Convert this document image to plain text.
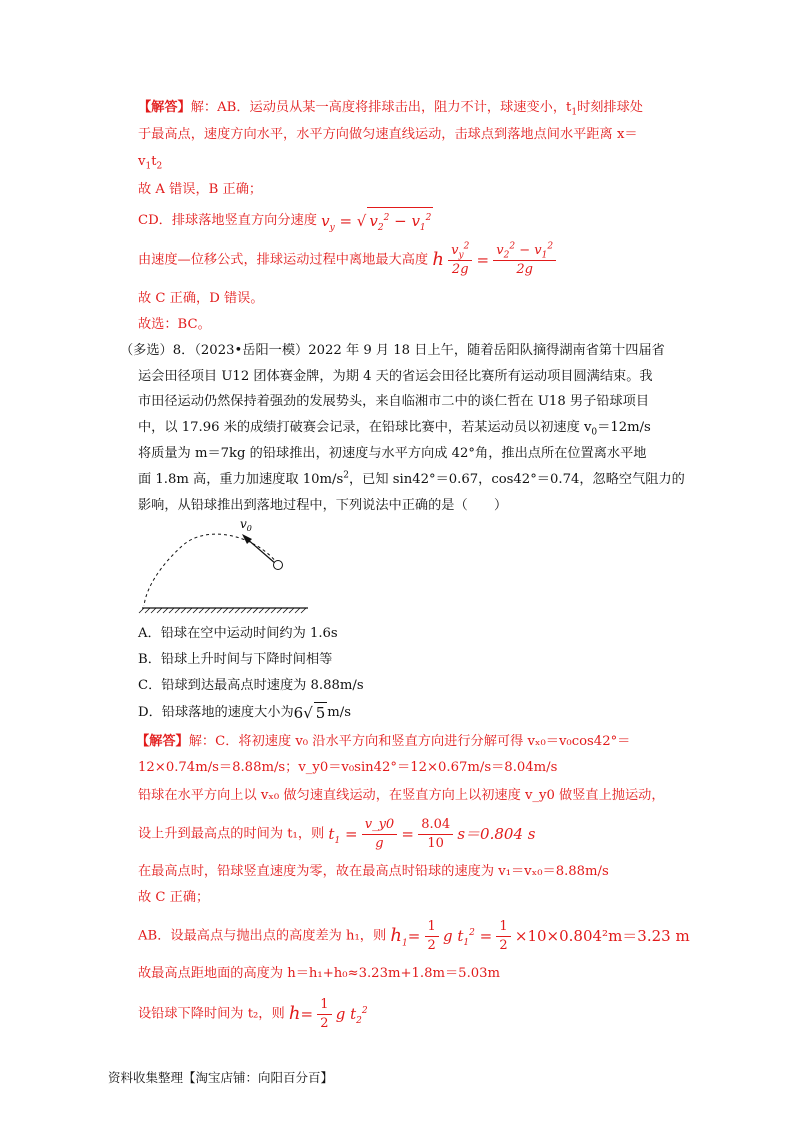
【解答】解：AB．运动员从某一高度将排球击出，阻力不计，球速变小，$t_1$时刻排球处
于最高点，速度方向水平，水平方向做匀速直线运动，击球点到落地点间水平距离 x＝
$v_1t_2$
故 A 错误，B 正确；
CD．排球落地竖直方向分速度 $v_y$ = √ $v_2^2 - v_1^2$
由速度—位移公式，排球运动过程中离地最大高度 h $\frac{v_y^2}{2g} = \frac{v_2^2 - v_1^2}{2g}$
故 C 正确，D 错误。
故选：BC。
（多选）8．（2023•岳阳一模）2022 年 9 月 18 日上午，随着岳阳队摘得湖南省第十四届省
运会田径项目 U12 团体赛金牌，为期 4 天的省运会田径比赛所有运动项目圆满结束。我
市田径运动仍然保持着强劲的发展势头，来自临湘市二中的谈仁哲在 U18 男子铅球项目
中，以 17.96 米的成绩打破赛会记录，在铅球比赛中，若某运动员以初速度 $v_0=12m/s$
将质量为 m＝7kg 的铅球推出，初速度与水平方向成 42°角，推出点所在位置离水平地
面 1.8m 高，重力加速度取 $10m/s^2$，已知 sin42°＝0.67，cos42°＝0.74，忽略空气阻力的
影响，从铅球推出到落地过程中，下列说法中正确的是（　　）
$v_0$
A．铅球在空中运动时间约为 1.6s
B．铅球上升时间与下降时间相等
C．铅球到达最高点时速度为 8.88m/s
D．铅球落地的速度大小为6√ 5 m/s
【解答】解：C．将初速度 v₀ 沿水平方向和竖直方向进行分解可得 vₓ₀＝v₀cos42°＝
12×0.74m/s＝8.88m/s；v_y0＝v₀sin42°＝12×0.67m/s＝8.04m/s
铅球在水平方向上以 vₓ₀ 做匀速直线运动，在竖直方向上以初速度 v_y0 做竖直上抛运动，
设上升到最高点的时间为 t₁，则 $t_1 = \frac{v\_y0}{g} = \frac{8.04}{10} s=0.804$ s
在最高点时，铅球竖直速度为零，故在最高点时铅球的速度为 v₁＝vₓ₀＝8.88m/s
故 C 正确；
AB．设最高点与抛出点的高度差为 h₁，则 $h_1= \frac{1}{2}$ g $t_1^2 = \frac{1}{2} \times 10\times 0.804^2m=3.23$ m
故最高点距地面的高度为 h＝h₁+h₀≈3.23m+1.8m＝5.03m
设铅球下降时间为 t₂，则 $h= \frac{1}{2}$ g $t_2^2$
资料收集整理【淘宝店铺：向阳百分百】
